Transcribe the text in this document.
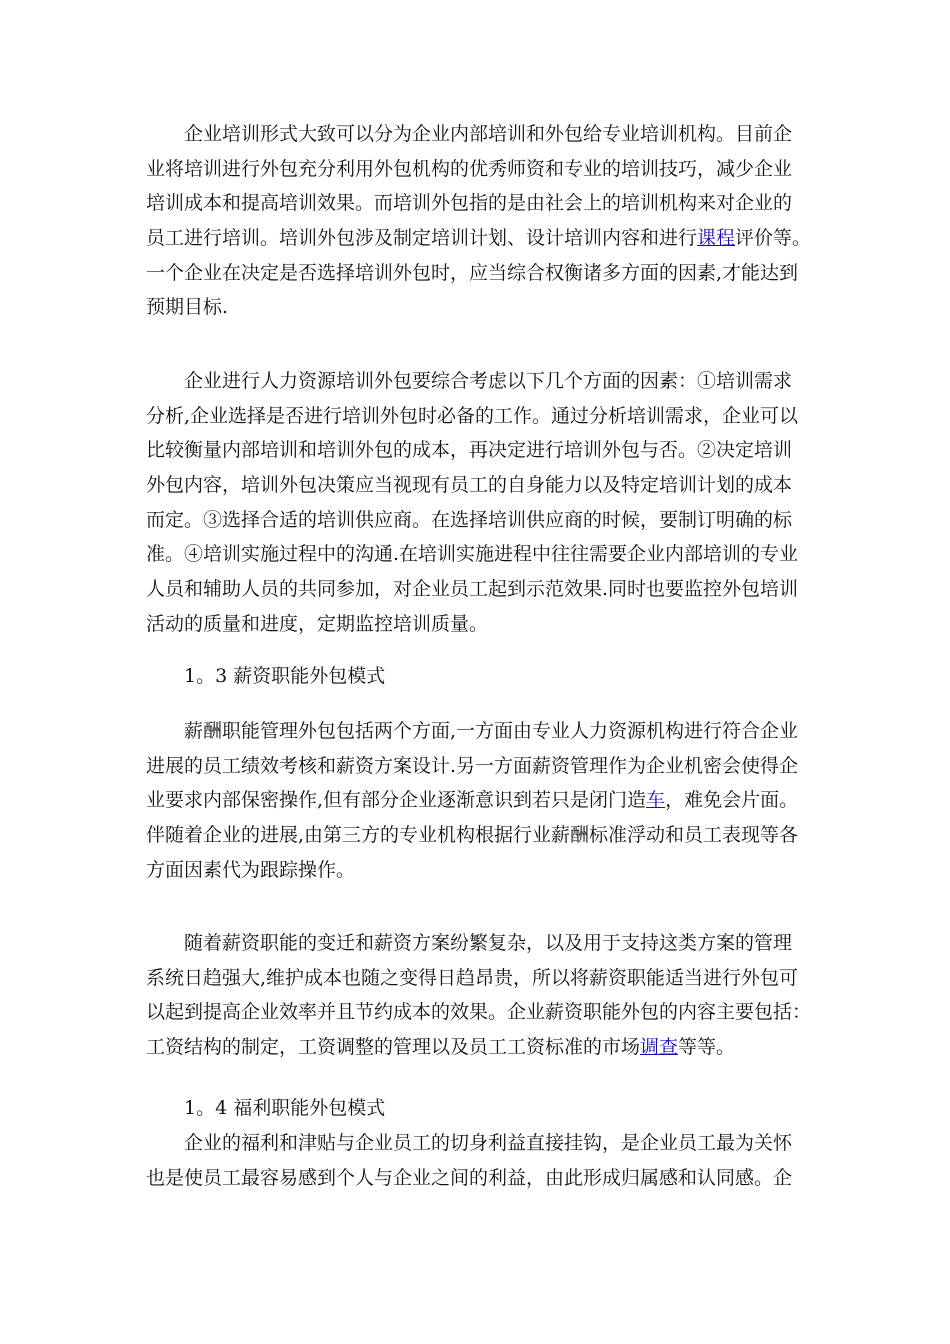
企业培训形式大致可以分为企业内部培训和外包给专业培训机构。目前企
业将培训进行外包充分利用外包机构的优秀师资和专业的培训技巧，减少企业
培训成本和提高培训效果。而培训外包指的是由社会上的培训机构来对企业的
员工进行培训。培训外包涉及制定培训计划、设计培训内容和进行课程评价等。
一个企业在决定是否选择培训外包时，应当综合权衡诸多方面的因素,才能达到
预期目标.
企业进行人力资源培训外包要综合考虑以下几个方面的因素：①培训需求
分析,企业选择是否进行培训外包时必备的工作。通过分析培训需求，企业可以
比较衡量内部培训和培训外包的成本，再决定进行培训外包与否。②决定培训
外包内容，培训外包决策应当视现有员工的自身能力以及特定培训计划的成本
而定。③选择合适的培训供应商。在选择培训供应商的时候，要制订明确的标
准。④培训实施过程中的沟通.在培训实施进程中往往需要企业内部培训的专业
人员和辅助人员的共同参加，对企业员工起到示范效果.同时也要监控外包培训
活动的质量和进度，定期监控培训质量。
1。3 薪资职能外包模式
薪酬职能管理外包包括两个方面,一方面由专业人力资源机构进行符合企业
进展的员工绩效考核和薪资方案设计.另一方面薪资管理作为企业机密会使得企
业要求内部保密操作,但有部分企业逐渐意识到若只是闭门造车，难免会片面。
伴随着企业的进展,由第三方的专业机构根据行业薪酬标准浮动和员工表现等各
方面因素代为跟踪操作。
随着薪资职能的变迁和薪资方案纷繁复杂，以及用于支持这类方案的管理
系统日趋强大,维护成本也随之变得日趋昂贵，所以将薪资职能适当进行外包可
以起到提高企业效率并且节约成本的效果。企业薪资职能外包的内容主要包括：
工资结构的制定，工资调整的管理以及员工工资标准的市场调查等等。
1。4 福利职能外包模式
企业的福利和津贴与企业员工的切身利益直接挂钩，是企业员工最为关怀
也是使员工最容易感到个人与企业之间的利益，由此形成归属感和认同感。企
